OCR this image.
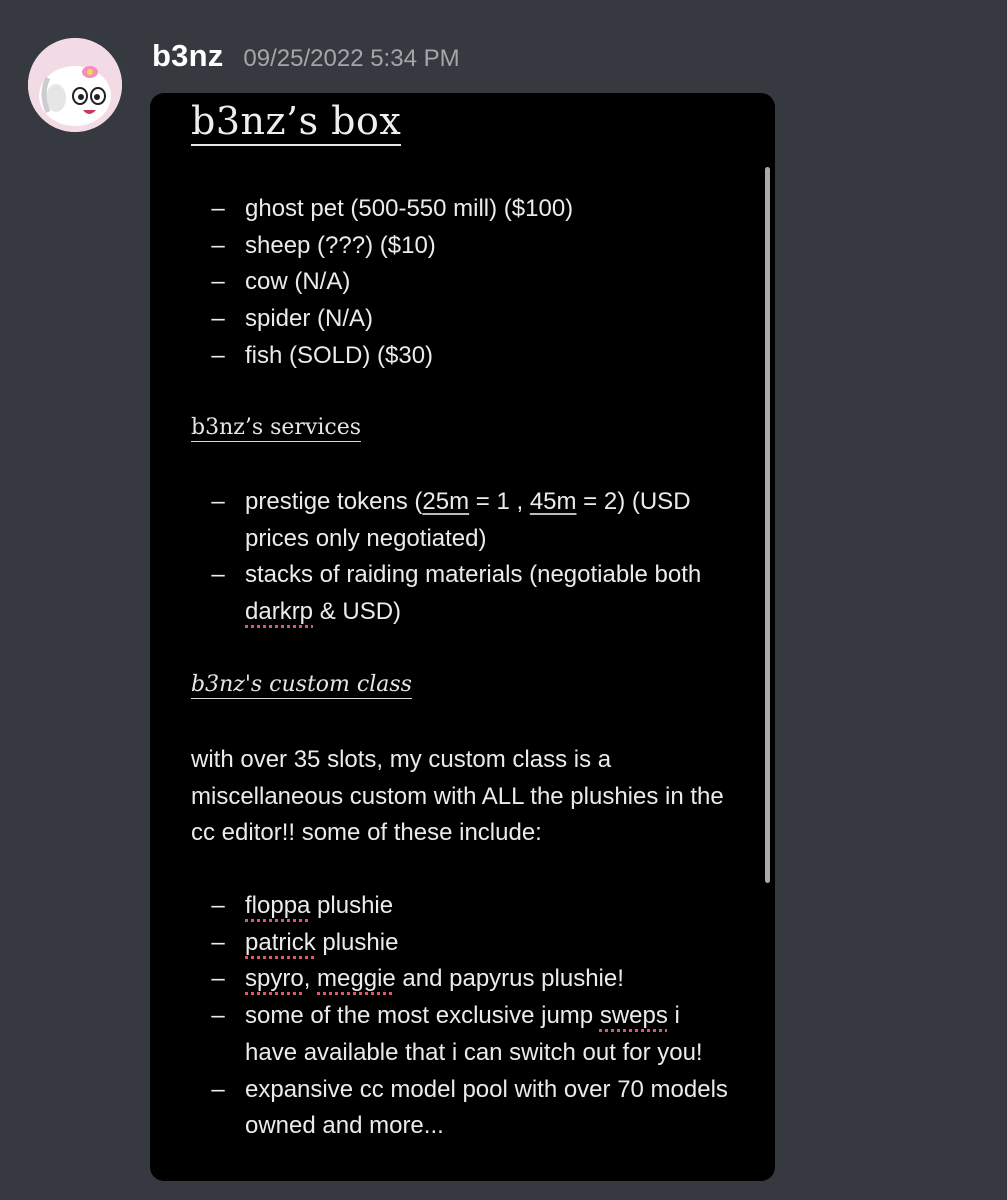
b3nz 09/25/2022 5:34 PM
b3nz’s box
– ghost pet (500-550 mill) ($100)
– sheep (???) ($10)
– cow (N/A)
– spider (N/A)
– fish (SOLD) ($30)
b3nz’s services
– prestige tokens (25m = 1 , 45m = 2) (USD prices only negotiated)
– stacks of raiding materials (negotiable both darkrp & USD)
b3nz's custom class
with over 35 slots, my custom class is a miscellaneous custom with ALL the plushies in the cc editor!! some of these include:
– floppa plushie
– patrick plushie
– spyro, meggie and papyrus plushie!
– some of the most exclusive jump sweps i have available that i can switch out for you!
– expansive cc model pool with over 70 models owned and more...
